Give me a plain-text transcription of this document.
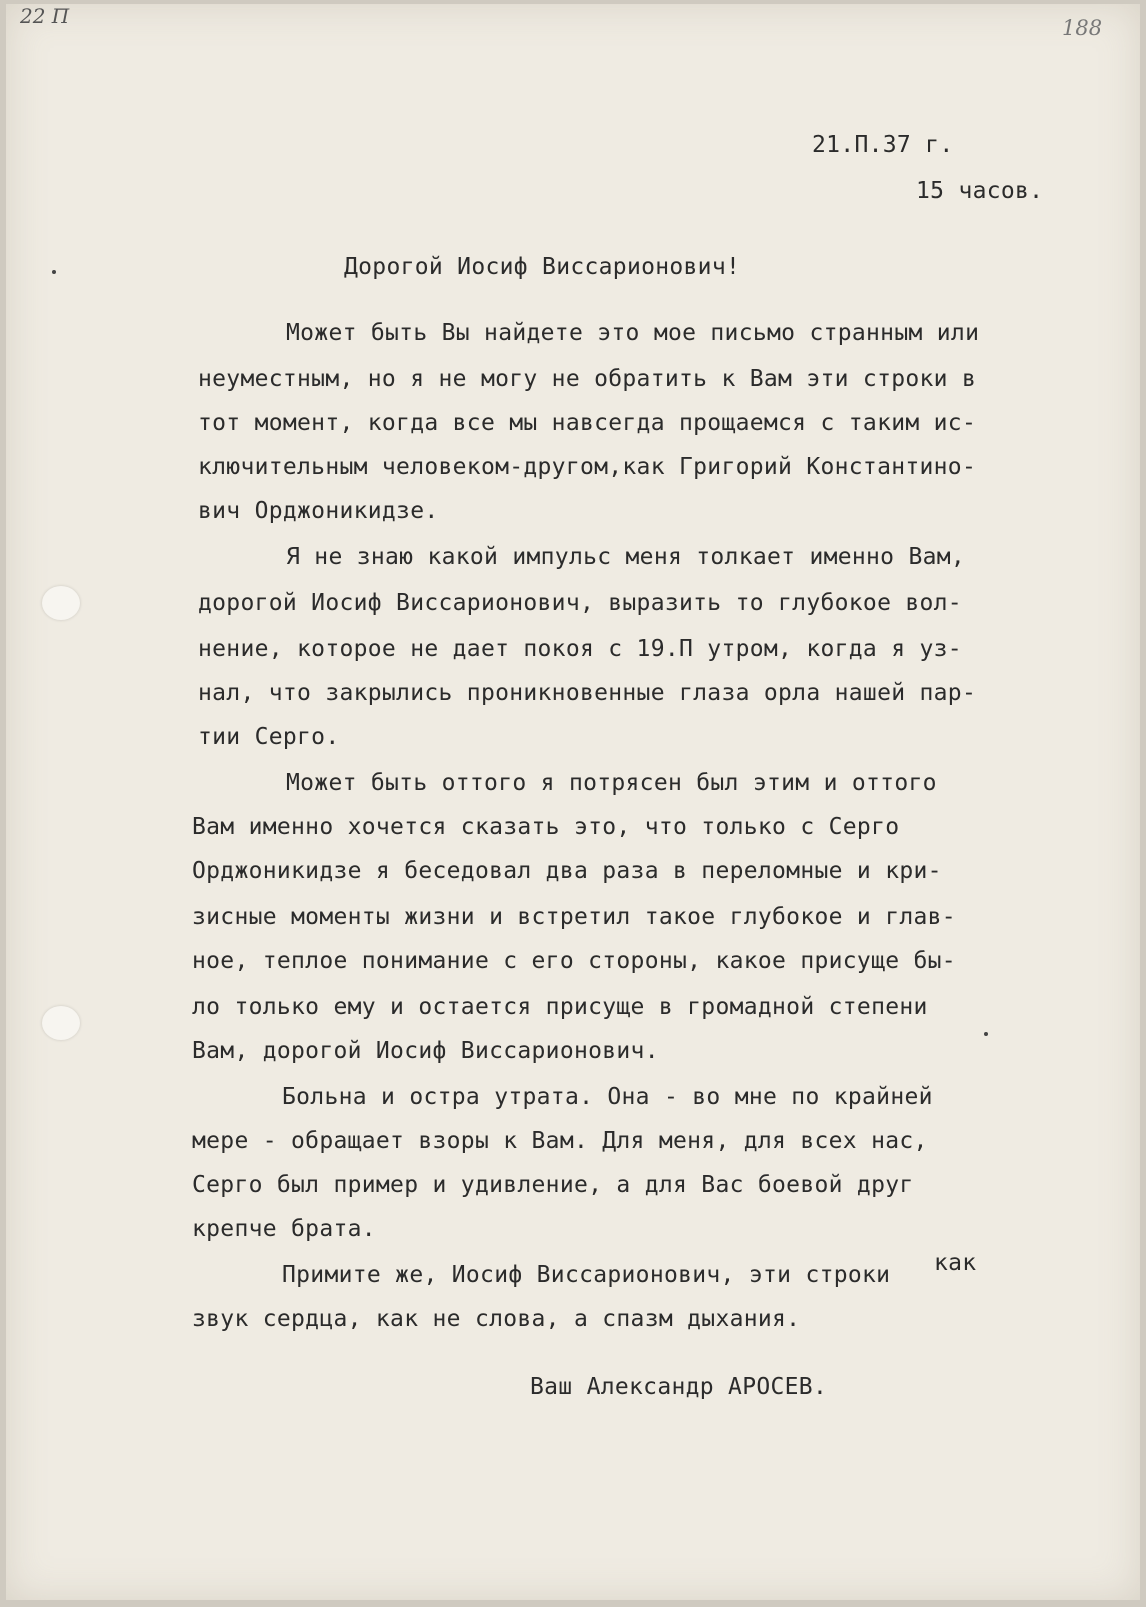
22 П	188
21.П.37 г.
15 часов.
Дорогой Иосиф Виссарионович!
Может быть Вы найдете это мое письмо странным или
неуместным, но я не могу не обратить к Вам эти строки в
тот момент, когда все мы навсегда прощаемся с таким ис-
ключительным человеком-другом,как Григорий Константино-
вич Орджоникидзе.
Я не знаю какой импульс меня толкает именно Вам,
дорогой Иосиф Виссарионович, выразить то глубокое вол-
нение, которое не дает покоя с 19.П утром, когда я уз-
нал, что закрылись проникновенные глаза орла нашей пар-
тии Серго.
Может быть оттого я потрясен был этим и оттого
Вам именно хочется сказать это, что только с Серго
Орджоникидзе я беседовал два раза в переломные и кри-
зисные моменты жизни и встретил такое глубокое и глав-
ное, теплое понимание с его стороны, какое присуще бы-
ло только ему и остается присуще в громадной степени
Вам, дорогой Иосиф Виссарионович.
Больна и остра утрата. Она - во мне по крайней
мере - обращает взоры к Вам. Для меня, для всех нас,
Серго был пример и удивление, а для Вас боевой друг
крепче брата.
Примите же, Иосиф Виссарионович, эти строки как
звук сердца, как не слова, а спазм дыхания.
Ваш Александр АРОСЕВ.
